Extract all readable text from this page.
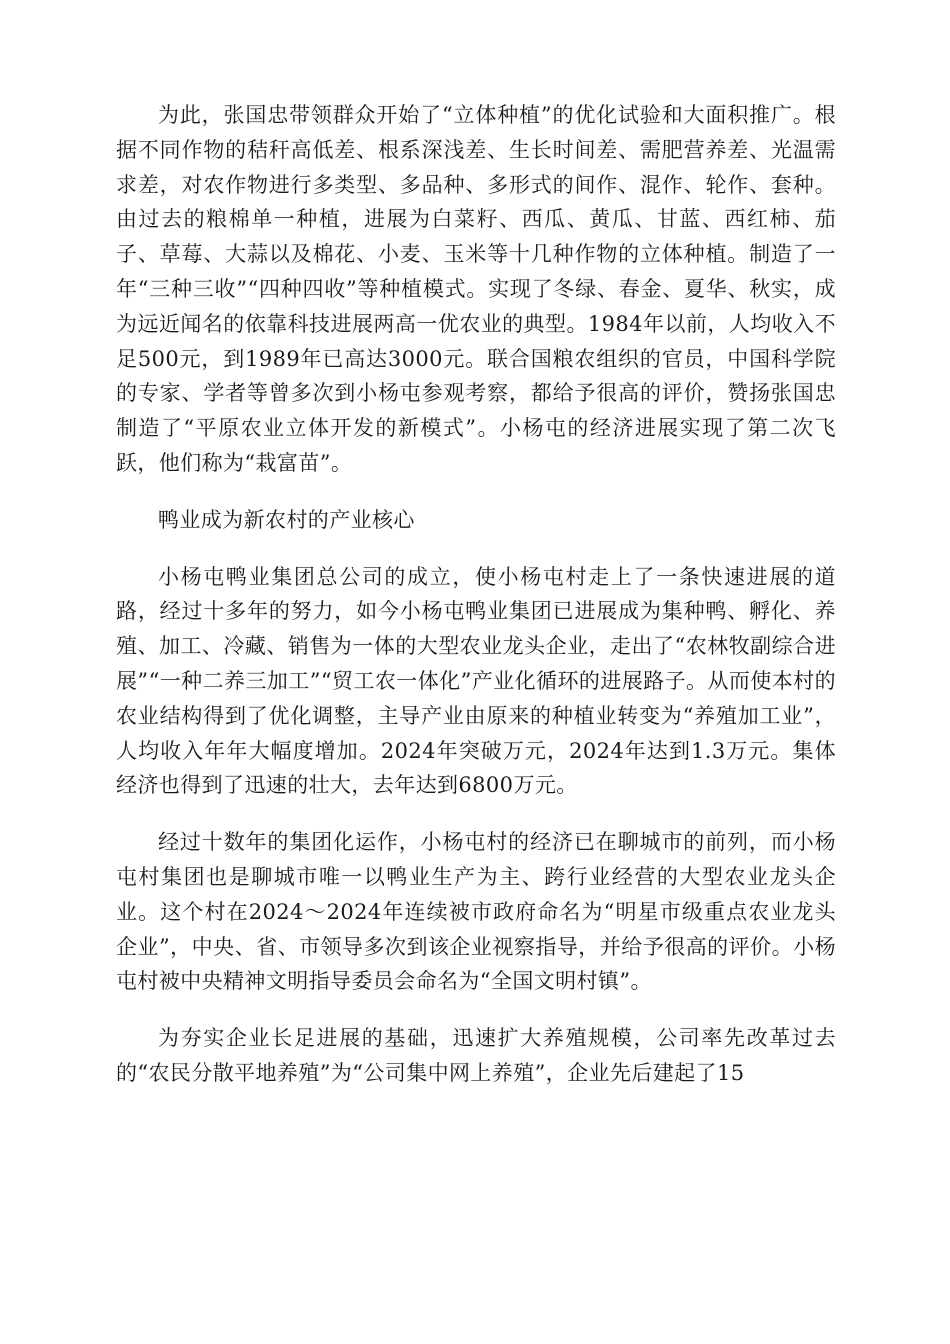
为此，张国忠带领群众开始了“立体种植”的优化试验和大面积推广。根据不同作物的秸秆高低差、根系深浅差、生长时间差、需肥营养差、光温需求差，对农作物进行多类型、多品种、多形式的间作、混作、轮作、套种。由过去的粮棉单一种植，进展为白菜籽、西瓜、黄瓜、甘蓝、西红柿、茄子、草莓、大蒜以及棉花、小麦、玉米等十几种作物的立体种植。制造了一年“三种三收”“四种四收”等种植模式。实现了冬绿、春金、夏华、秋实，成为远近闻名的依靠科技进展两高一优农业的典型。1984年以前，人均收入不足500元，到1989年已高达3000元。联合国粮农组织的官员，中国科学院的专家、学者等曾多次到小杨屯参观考察，都给予很高的评价，赞扬张国忠制造了“平原农业立体开发的新模式”。小杨屯的经济进展实现了第二次飞跃，他们称为“栽富苗”。

鸭业成为新农村的产业核心

小杨屯鸭业集团总公司的成立，使小杨屯村走上了一条快速进展的道路，经过十多年的努力，如今小杨屯鸭业集团已进展成为集种鸭、孵化、养殖、加工、冷藏、销售为一体的大型农业龙头企业，走出了“农林牧副综合进展”“一种二养三加工”“贸工农一体化”产业化循环的进展路子。从而使本村的农业结构得到了优化调整，主导产业由原来的种植业转变为“养殖加工业”，人均收入年年大幅度增加。2024年突破万元，2024年达到1.3万元。集体经济也得到了迅速的壮大，去年达到6800万元。

经过十数年的集团化运作，小杨屯村的经济已在聊城市的前列，而小杨屯村集团也是聊城市唯一以鸭业生产为主、跨行业经营的大型农业龙头企业。这个村在2024～2024年连续被市政府命名为“明星市级重点农业龙头企业”，中央、省、市领导多次到该企业视察指导，并给予很高的评价。小杨屯村被中央精神文明指导委员会命名为“全国文明村镇”。

为夯实企业长足进展的基础，迅速扩大养殖规模，公司率先改革过去的“农民分散平地养殖”为“公司集中网上养殖”，企业先后建起了15
